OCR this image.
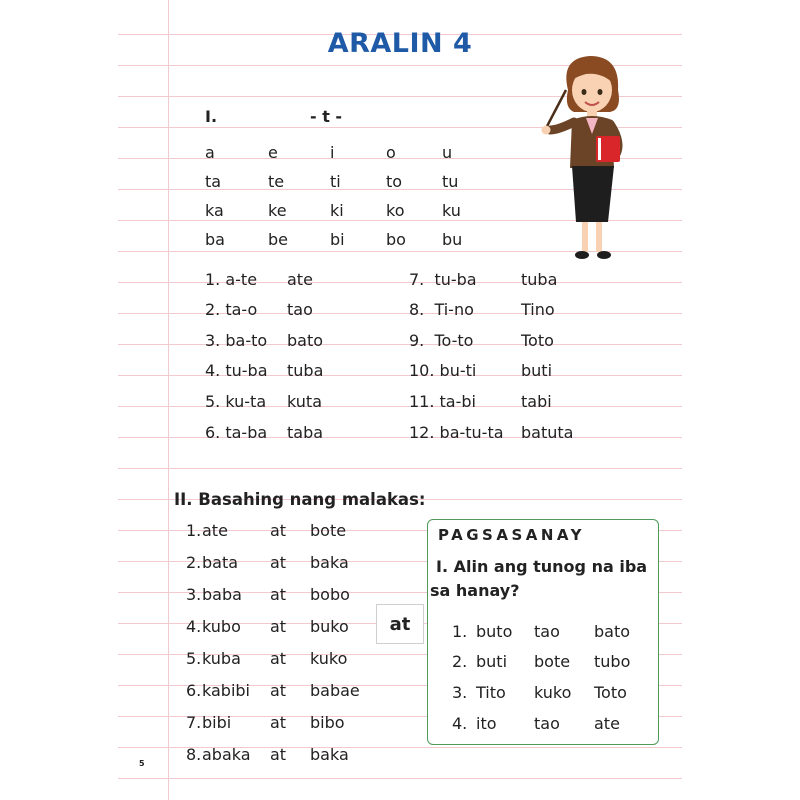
ARALIN 4
I.	- t -
a	e	i	o	u
ta	te	ti	to tu
ka	ke	ki	ko ku
ba	be	bi	bo bu
1. a-te ate
2. ta-o tao
3. ba-to bato
4. tu-ba tuba
5. ku-ta kuta
6. ta-ba taba
7.  tu-ba	tuba
8.  Ti-no	Tino
9.  To-to	Toto
10. bu-ti	buti
11. ta-bi	tabi
12. ba-tu-ta batuta
II. Basahing nang malakas:
1. ate	at bote
2. bata at baka
3. baba at bobo
4. kubo at buko
5. kuba at kuko
6. kabibi at babae
7. bibi at bibo
8. abaka at baka
at
PAGSASANAY
I. Alin ang tunog na iba
sa hanay?
1. buto tao bato
2. buti bote tubo
3. Tito kuko Toto
4. ito tao ate
5
